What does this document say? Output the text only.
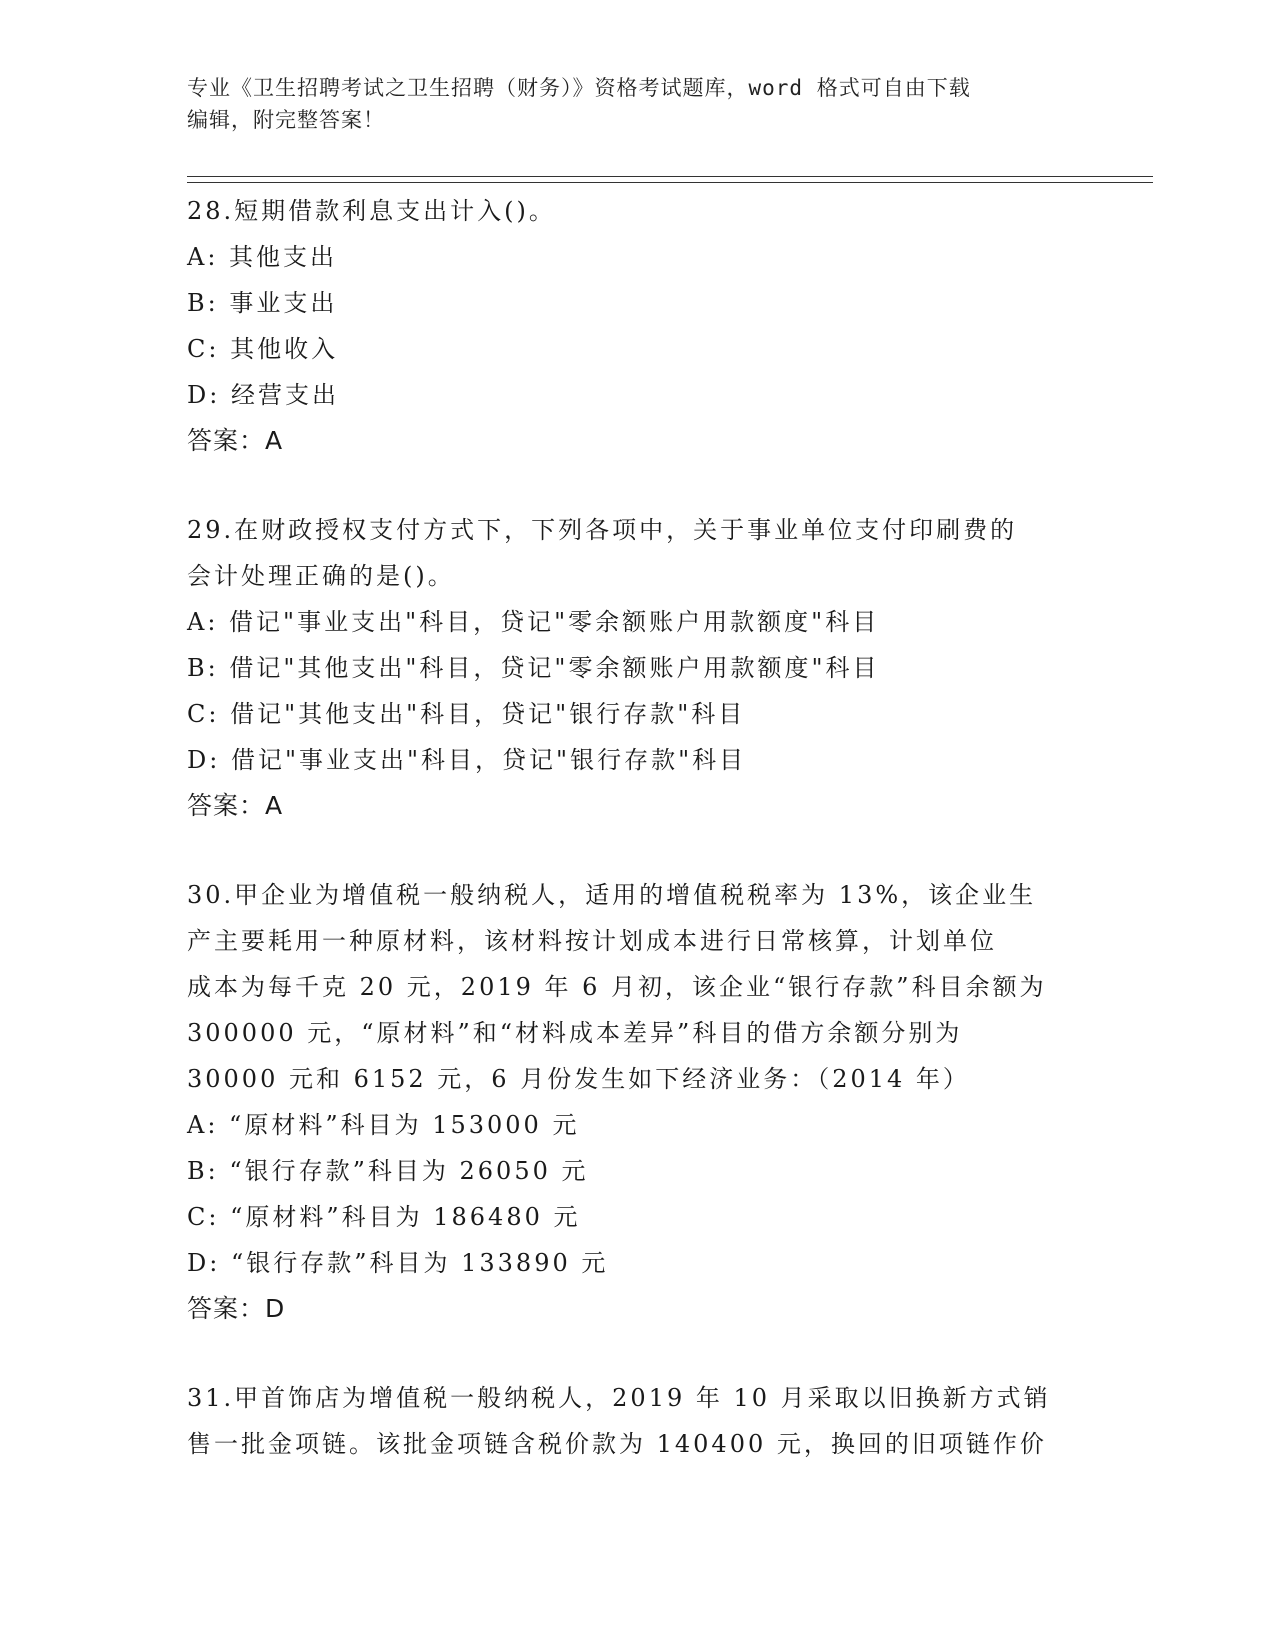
专业《卫生招聘考试之卫生招聘（财务）》资格考试题库，word 格式可自由下载
编辑，附完整答案！
28.短期借款利息支出计入()。
A: 其他支出
B: 事业支出
C: 其他收入
D: 经营支出
答案：A
29.在财政授权支付方式下，下列各项中，关于事业单位支付印刷费的
会计处理正确的是()。
A: 借记"事业支出"科目，贷记"零余额账户用款额度"科目
B: 借记"其他支出"科目，贷记"零余额账户用款额度"科目
C: 借记"其他支出"科目，贷记"银行存款"科目
D: 借记"事业支出"科目，贷记"银行存款"科目
答案：A
30.甲企业为增值税一般纳税人，适用的增值税税率为 13%，该企业生
产主要耗用一种原材料，该材料按计划成本进行日常核算，计划单位
成本为每千克 20 元，2019 年 6 月初，该企业“银行存款”科目余额为
300000 元，“原材料”和“材料成本差异”科目的借方余额分别为
30000 元和 6152 元，6 月份发生如下经济业务：（2014 年）
A: “原材料”科目为 153000 元
B: “银行存款”科目为 26050 元
C: “原材料”科目为 186480 元
D: “银行存款”科目为 133890 元
答案：D
31.甲首饰店为增值税一般纳税人，2019 年 10 月采取以旧换新方式销
售一批金项链。该批金项链含税价款为 140400 元，换回的旧项链作价
